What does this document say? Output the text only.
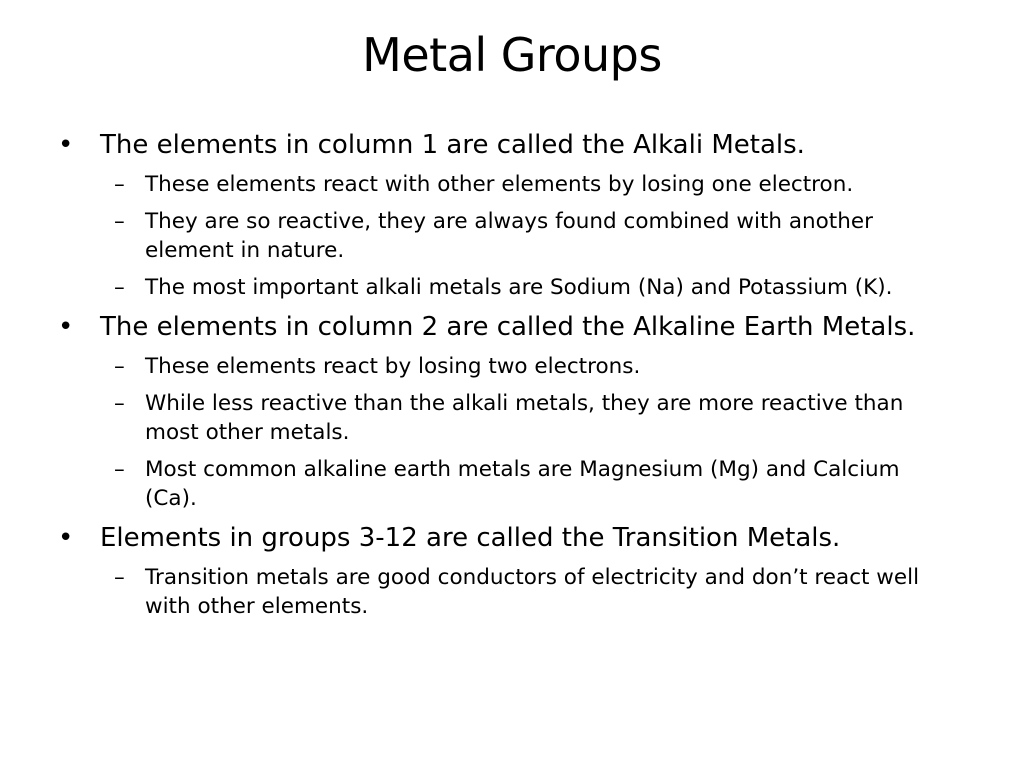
Metal Groups
• The elements in column 1 are called the Alkali Metals.
– These elements react with other elements by losing one electron.
– They are so reactive, they are always found combined with another element in nature.
– The most important alkali metals are Sodium (Na) and Potassium (K).
• The elements in column 2 are called the Alkaline Earth Metals.
– These elements react by losing two electrons.
– While less reactive than the alkali metals, they are more reactive than most other metals.
– Most common alkaline earth metals are Magnesium (Mg) and Calcium (Ca).
• Elements in groups 3-12 are called the Transition Metals.
– Transition metals are good conductors of electricity and don’t react well with other elements.
